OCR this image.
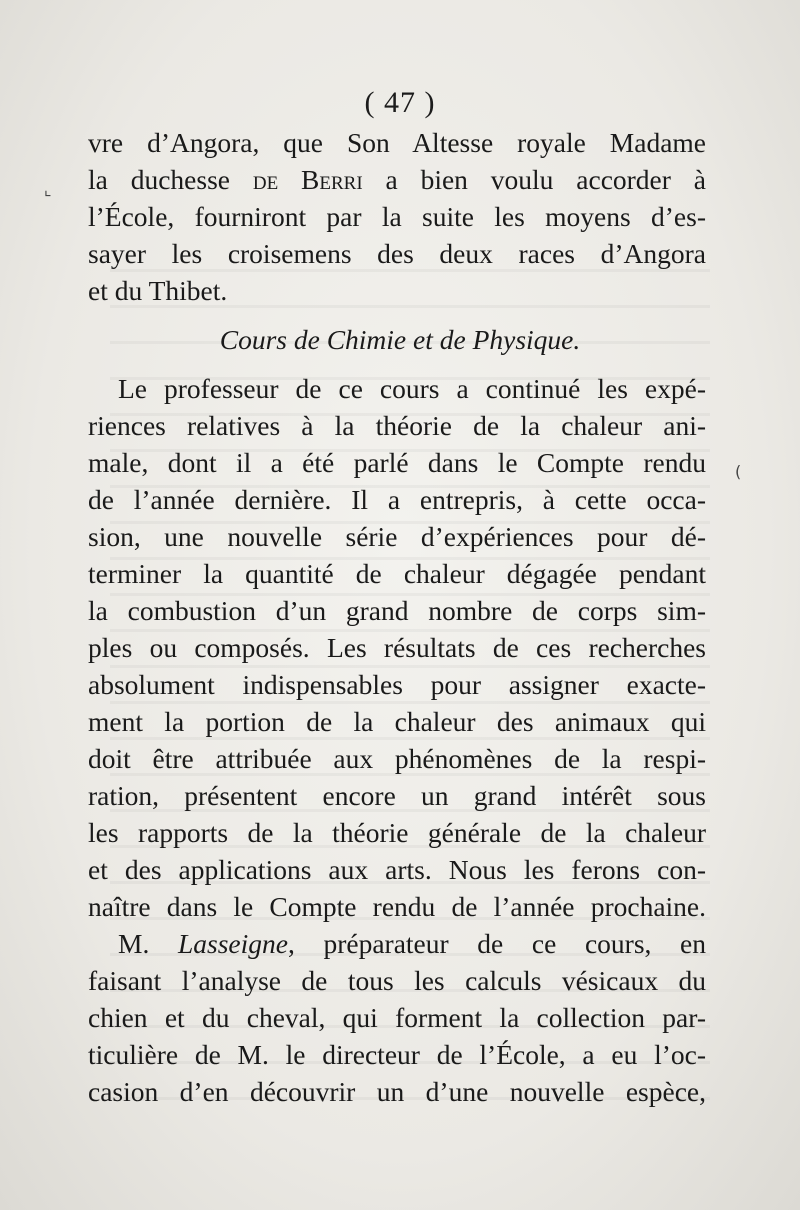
⌞
(
( 47 )
vre d’Angora, que Son Altesse royale Madame
la duchesse de Berri a bien voulu accorder à
l’École, fourniront par la suite les moyens d’es-
sayer les croisemens des deux races d’Angora
et du Thibet.
Cours de Chimie et de Physique.
Le professeur de ce cours a continué les expé-
riences relatives à la théorie de la chaleur ani-
male, dont il a été parlé dans le Compte rendu
de l’année dernière. Il a entrepris, à cette occa-
sion, une nouvelle série d’expériences pour dé-
terminer la quantité de chaleur dégagée pendant
la combustion d’un grand nombre de corps sim-
ples ou composés. Les résultats de ces recherches
absolument indispensables pour assigner exacte-
ment la portion de la chaleur des animaux qui
doit être attribuée aux phénomènes de la respi-
ration, présentent encore un grand intérêt sous
les rapports de la théorie générale de la chaleur
et des applications aux arts. Nous les ferons con-
naître dans le Compte rendu de l’année prochaine.
M. Lasseigne, préparateur de ce cours, en
faisant l’analyse de tous les calculs vésicaux du
chien et du cheval, qui forment la collection par-
ticulière de M. le directeur de l’École, a eu l’oc-
casion d’en découvrir un d’une nouvelle espèce,
